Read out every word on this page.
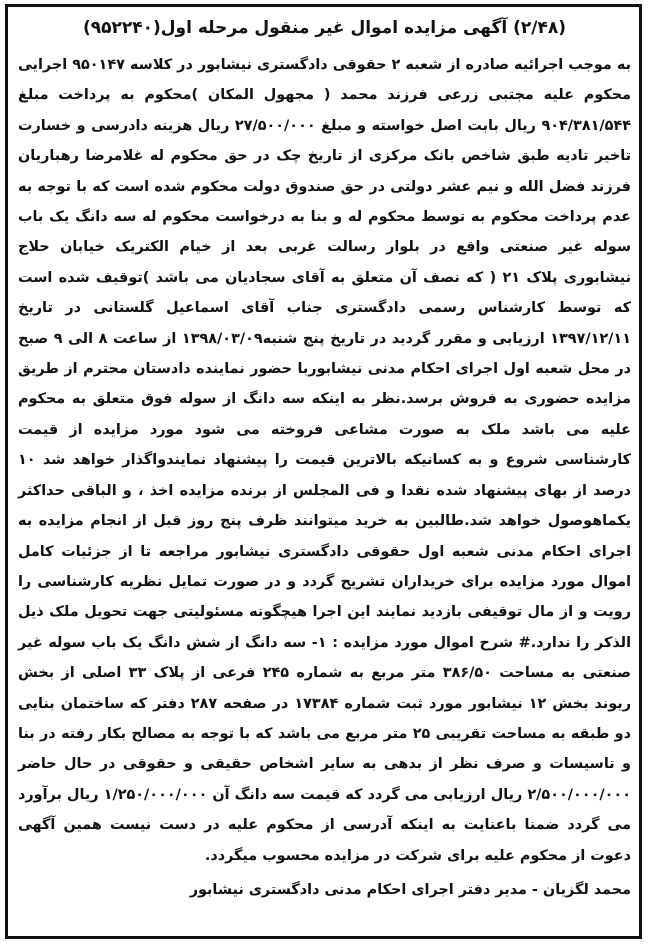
(۲/۴۸) آگهی مزایده اموال غیر منقول مرحله اول(۹۵۲۲۴۰)

به موجب اجرائیه صادره از شعبه ۲ حقوقی دادگستری نیشابور در کلاسه ۹۵۰۱۴۷ اجرایی محکوم علیه مجتبی زرعی فرزند محمد ( مجهول المکان )محکوم به پرداخت مبلغ ۹۰۴/۳۸۱/۵۴۴ ریال بابت اصل خواسته و مبلغ ۲۷/۵۰۰/۰۰۰ ریال هزینه دادرسی و خسارت تاخیر تادیه طبق شاخص بانک مرکزی از تاریخ چک در حق محکوم له غلامرضا رهباریان فرزند فضل الله و نیم عشر دولتی در حق صندوق دولت محکوم شده است که با توجه به عدم پرداخت محکوم به توسط محکوم له و بنا به درخواست محکوم له سه دانگ یک باب سوله غیر صنعتی واقع در بلوار رسالت غربی بعد از خیام الکتریک خیابان حلاج نیشابوری پلاک ۲۱ ( که نصف آن متعلق به آقای سجادیان می باشد )توقیف شده است که توسط کارشناس رسمی دادگستری جناب آقای اسماعیل گلستانی در تاریخ ۱۳۹۷/۱۲/۱۱ ارزیابی و مقرر گردید در تاریخ پنج شنبه۱۳۹۸/۰۳/۰۹ از ساعت ۸ الی ۹ صبح در محل شعبه اول اجرای احکام مدنی نیشابوربا حضور نماینده دادستان محترم از طریق مزایده حضوری به فروش برسد.نظر به اینکه سه دانگ از سوله فوق متعلق به محکوم علیه می باشد ملک به صورت مشاعی فروخته می شود مورد مزایده از قیمت کارشناسی شروع و به کسانیکه بالاترین قیمت را پیشنهاد نمایندواگذار خواهد شد ۱۰ درصد از بهای پیشنهاد شده نقدا و فی المجلس از برنده مزایده اخذ ، و الباقی حداکثر یکماهوصول خواهد شد.طالبین به خرید میتوانند ظرف پنج روز قبل از انجام مزایده به اجرای احکام مدنی شعبه اول حقوقی دادگستری نیشابور مراجعه تا از جزئیات کامل اموال مورد مزایده برای خریداران تشریح گردد و در صورت تمایل نظریه کارشناسی را رویت و از مال توقیفی بازدید نمایند این اجرا هیچگونه مسئولیتی جهت تحویل ملک ذیل الذکر را ندارد.# شرح اموال مورد مزایده : ۱- سه دانگ از شش دانگ یک باب سوله غیر صنعتی به مساحت ۳۸۶/۵۰ متر مربع به شماره ۲۴۵ فرعی از پلاک ۳۳ اصلی از بخش ریوند بخش ۱۲ نیشابور مورد ثبت شماره ۱۷۳۸۴ در صفحه ۲۸۷ دفتر که ساختمان بنایی دو طبقه به مساحت تقریبی ۲۵ متر مربع می باشد که با توجه به مصالح بکار رفته در بنا و تاسیسات و صرف نظر از بدهی به سایر اشخاص حقیقی و حقوقی در حال حاضر ۲/۵۰۰/۰۰۰/۰۰۰ ریال ارزیابی می گردد که قیمت سه دانگ آن ۱/۲۵۰/۰۰۰/۰۰۰ ریال برآورد می گردد ضمنا باعنایت به اینکه آدرسی از محکوم علیه در دست نیست همین آگهی دعوت از محکوم علیه برای شرکت در مزایده محسوب میگردد.

محمد لگزیان - مدیر دفتر اجرای احکام مدنی دادگستری نیشابور
